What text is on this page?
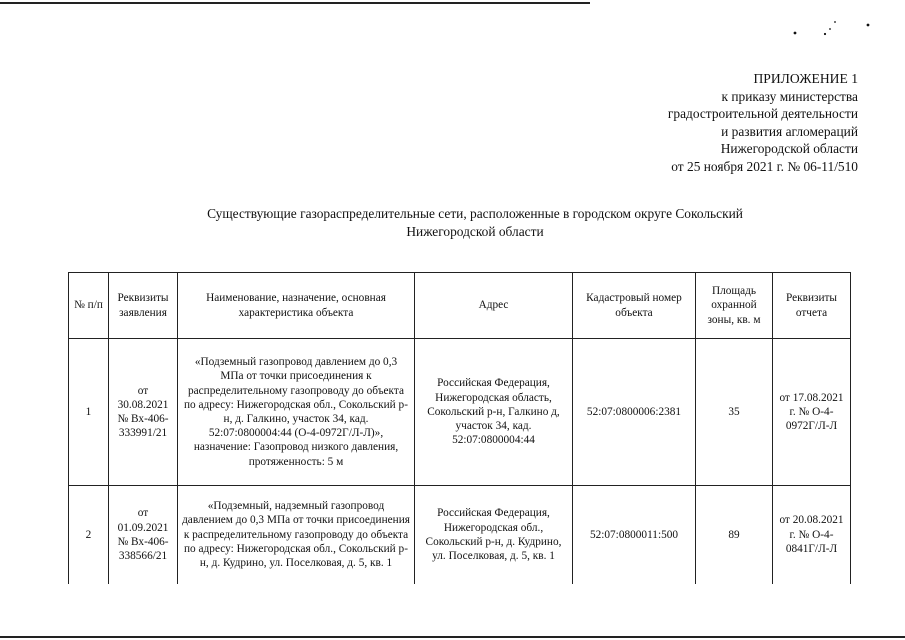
ПРИЛОЖЕНИЕ 1
к приказу министерства
градостроительной деятельности
и развития агломераций
Нижегородской области
от 25 ноября 2021 г. № 06-11/510
Существующие газораспределительные сети, расположенные в городском округе Сокольский
Нижегородской области
№ п/п	Реквизиты заявления	Наименование, назначение, основная характеристика объекта	Адрес	Кадастровый номер объекта	Площадь охранной зоны, кв. м	Реквизиты отчета
1	от 30.08.2021 № Вх-406-333991/21	«Подземный газопровод давлением до 0,3 МПа от точки присоединения к распределительному газопроводу до объекта по адресу: Нижегородская обл., Сокольский р-н, д. Галкино, участок 34, кад. 52:07:0800004:44 (О-4-0972Г/Л-Л)», назначение: Газопровод низкого давления, протяженность: 5 м	Российская Федерация, Нижегородская область, Сокольский р-н, Галкино д, участок 34, кад. 52:07:0800004:44	52:07:0800006:2381	35	от 17.08.2021 г. № О-4-0972Г/Л-Л
2	от 01.09.2021 № Вх-406-338566/21	«Подземный, надземный газопровод давлением до 0,3 МПа от точки присоединения к распределительному газопроводу до объекта по адресу: Нижегородская обл., Сокольский р-н, д. Кудрино, ул. Поселковая, д. 5, кв. 1	Российская Федерация, Нижегородская обл., Сокольский р-н, д. Кудрино, ул. Поселковая, д. 5, кв. 1	52:07:0800011:500	89	от 20.08.2021 г. № О-4-0841Г/Л-Л
